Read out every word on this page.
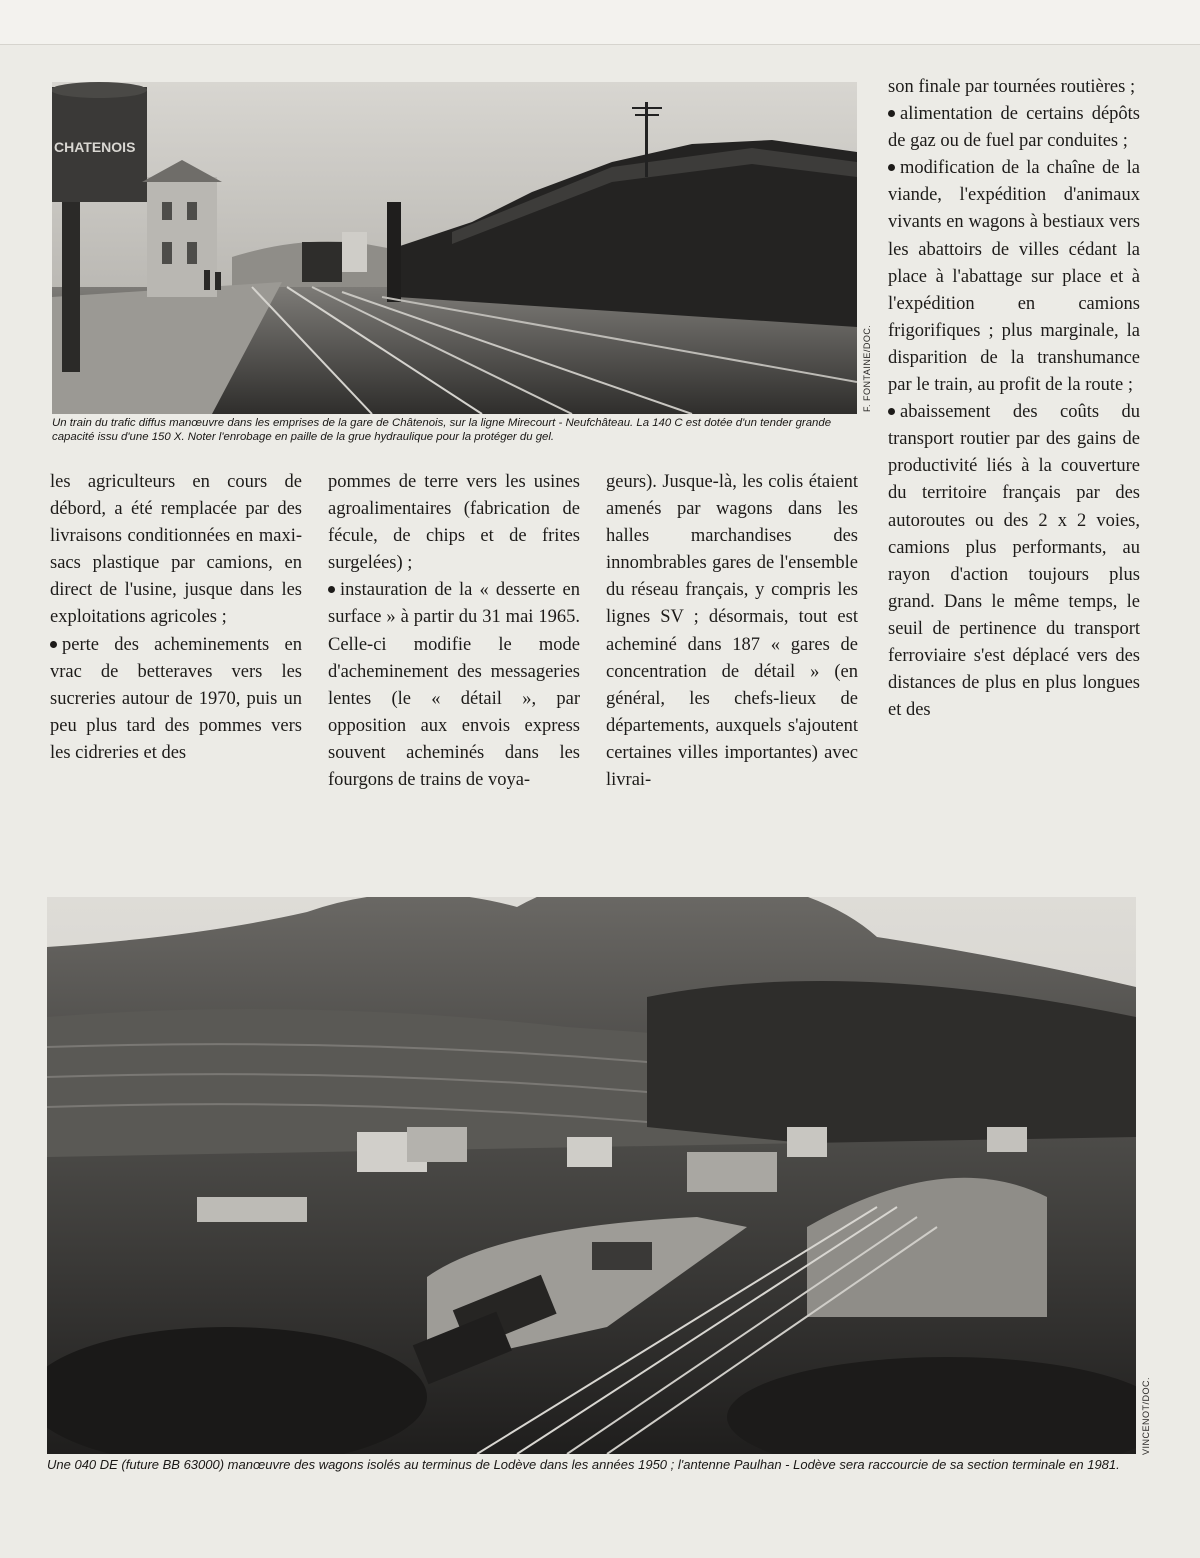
CHATENOIS
F. FONTAINE/DOC.

Un train du trafic diffus manœuvre dans les emprises de la gare de Châtenois, sur la ligne Mirecourt - Neufchâteau. La 140 C est dotée d'un tender grande capacité issu d'une 150 X. Noter l'enrobage en paille de la grue hydraulique pour la protéger du gel.

les agriculteurs en cours de débord, a été remplacée par des livraisons conditionnées en maxi-sacs plastique par camions, en direct de l'usine, jusque dans les exploitations agricoles ;

perte des acheminements en vrac de betteraves vers les sucreries autour de 1970, puis un peu plus tard des pommes vers les cidreries et des

pommes de terre vers les usines agroalimentaires (fabrication de fécule, de chips et de frites surgelées) ;

instauration de la « desserte en surface » à partir du 31 mai 1965. Celle-ci modifie le mode d'acheminement des messageries lentes (le « détail », par opposition aux envois express souvent acheminés dans les fourgons de trains de voya-

geurs). Jusque-là, les colis étaient amenés par wagons dans les halles marchandises des innombrables gares de l'ensemble du réseau français, y compris les lignes SV ; désormais, tout est acheminé dans 187 « gares de concentration de détail » (en général, les chefs-lieux de départements, auxquels s'ajoutent certaines villes importantes) avec livrai-

son finale par tournées routières ;

alimentation de certains dépôts de gaz ou de fuel par conduites ;

modification de la chaîne de la viande, l'expédition d'animaux vivants en wagons à bestiaux vers les abattoirs de villes cédant la place à l'abattage sur place et à l'expédition en camions frigorifiques ; plus marginale, la disparition de la transhumance par le train, au profit de la route ;

abaissement des coûts du transport routier par des gains de productivité liés à la couverture du territoire français par des autoroutes ou des 2 x 2 voies, camions plus performants, au rayon d'action toujours plus grand. Dans le même temps, le seuil de pertinence du transport ferroviaire s'est déplacé vers des distances de plus en plus longues et des

VINCENOT/DOC.

Une 040 DE (future BB 63000) manœuvre des wagons isolés au terminus de Lodève dans les années 1950 ; l'antenne Paulhan - Lodève sera raccourcie de sa section terminale en 1981.
